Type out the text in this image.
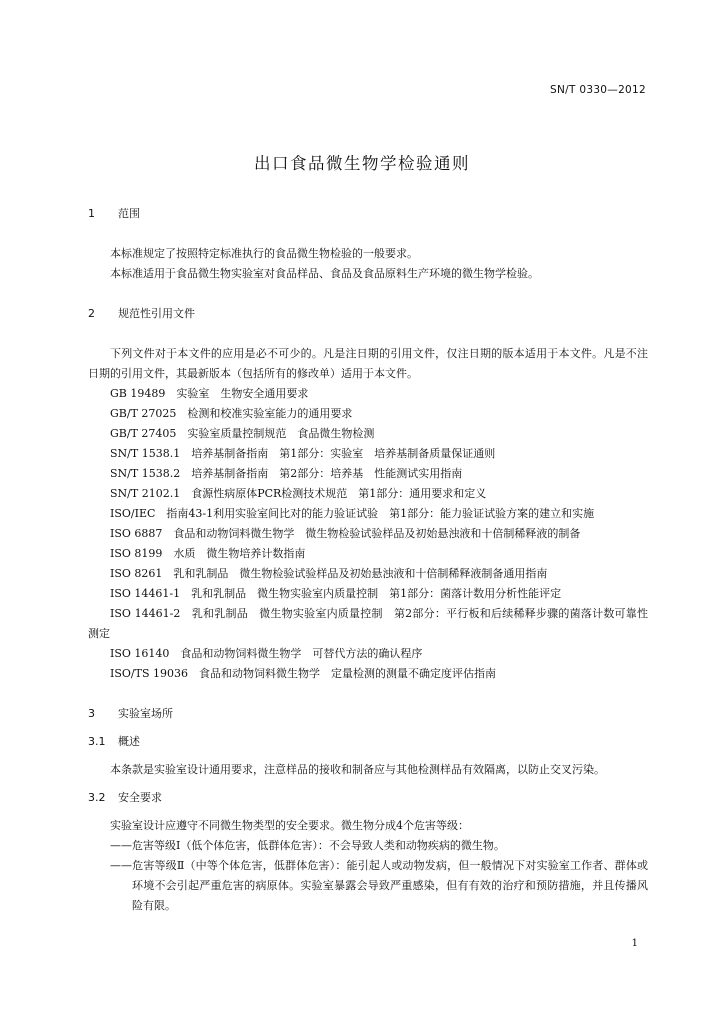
SN/T 0330—2012
出口食品微生物学检验通则

1 范围

本标准规定了按照特定标准执行的食品微生物检验的一般要求。

本标准适用于食品微生物实验室对食品样品、食品及食品原料生产环境的微生物学检验。

2 规范性引用文件

下列文件对于本文件的应用是必不可少的。凡是注日期的引用文件，仅注日期的版本适用于本文件。凡是不注日期的引用文件，其最新版本（包括所有的修改单）适用于本文件。

GB 19489　 实验室　生物安全通用要求

GB/T 27025　 检测和校准实验室能力的通用要求

GB/T 27405　 实验室质量控制规范　食品微生物检测

SN/T 1538.1　 培养基制备指南　第1部分：实验室　培养基制备质量保证通则

SN/T 1538.2　 培养基制备指南　第2部分：培养基　性能测试实用指南

SN/T 2102.1　 食源性病原体PCR检测技术规范　第1部分：通用要求和定义

ISO/IEC　 指南43-1利用实验室间比对的能力验证试验　第1部分：能力验证试验方案的建立和实施

ISO 6887　 食品和动物饲料微生物学　微生物检验试验样品及初始悬浊液和十倍制稀释液的制备

ISO 8199　 水质　微生物培养计数指南

ISO 8261　 乳和乳制品　微生物检验试验样品及初始悬浊液和十倍制稀释液制备通用指南

ISO 14461-1　 乳和乳制品　微生物实验室内质量控制　第1部分：菌落计数用分析性能评定

ISO 14461-2　 乳和乳制品　微生物实验室内质量控制　第2部分：平行板和后续稀释步骤的菌落计数可靠性测定

ISO 16140　 食品和动物饲料微生物学　可替代方法的确认程序

ISO/TS 19036　 食品和动物饲料微生物学　定量检测的测量不确定度评估指南

3 实验室场所

3.1 概述

本条款是实验室设计通用要求，注意样品的接收和制备应与其他检测样品有效隔离，以防止交叉污染。

3.2 安全要求

实验室设计应遵守不同微生物类型的安全要求。微生物分成4个危害等级：

——危害等级Ⅰ（低个体危害，低群体危害）：不会导致人类和动物疾病的微生物。

——危害等级Ⅱ（中等个体危害，低群体危害）：能引起人或动物发病，但一般情况下对实验室工作者、群体或环境不会引起严重危害的病原体。实验室暴露会导致严重感染，但有有效的治疗和预防措施，并且传播风险有限。

1
